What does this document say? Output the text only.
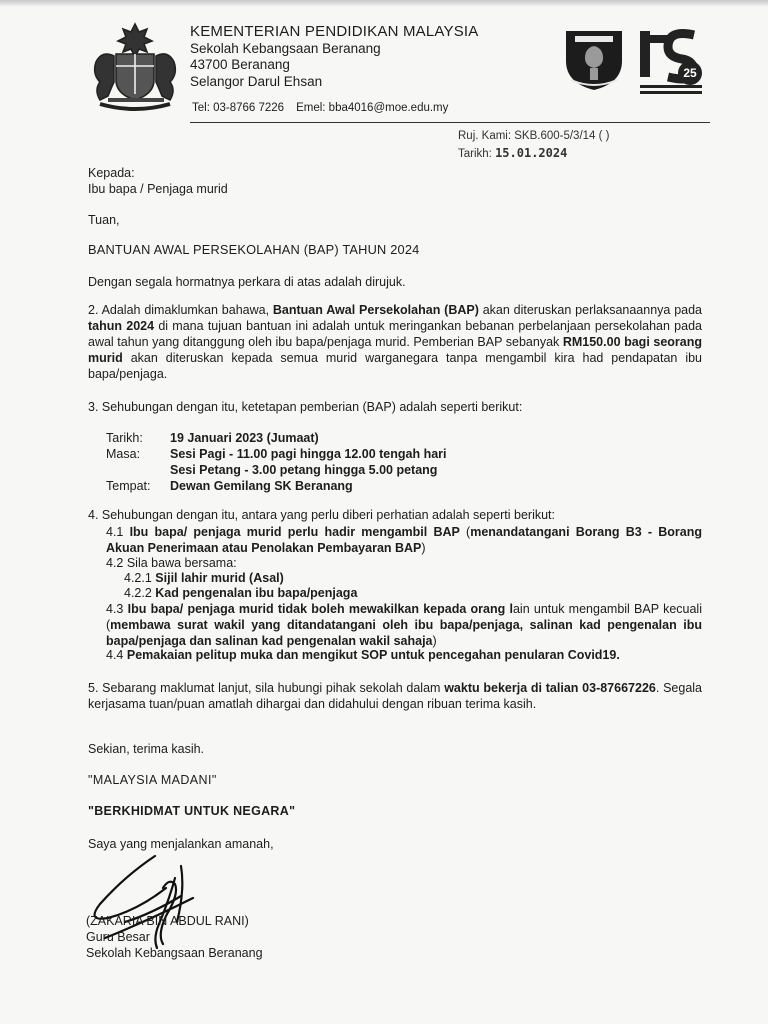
KEMENTERIAN PENDIDIKAN MALAYSIA
Sekolah Kebangsaan Beranang
43700 Beranang
Selangor Darul Ehsan
Tel: 03-8766 7226 Emel: bba4016@moe.edu.my
25
Ruj. Kami: SKB.600-5/3/14 ( )
Tarikh: 15.01.2024
Kepada:
Ibu bapa / Penjaga murid
Tuan,
BANTUAN AWAL PERSEKOLAHAN (BAP) TAHUN 2024
Dengan segala hormatnya perkara di atas adalah dirujuk.
2. Adalah dimaklumkan bahawa, Bantuan Awal Persekolahan (BAP) akan diteruskan perlaksanaannya pada tahun 2024 di mana tujuan bantuan ini adalah untuk meringankan bebanan perbelanjaan persekolahan pada awal tahun yang ditanggung oleh ibu bapa/penjaga murid. Pemberian BAP sebanyak RM150.00 bagi seorang murid akan diteruskan kepada semua murid warganegara tanpa mengambil kira had pendapatan ibu bapa/penjaga.
3. Sehubungan dengan itu, ketetapan pemberian (BAP) adalah seperti berikut:
Tarikh:	19 Januari 2023 (Jumaat)
Masa:	Sesi Pagi - 11.00 pagi hingga 12.00 tengah hari
Sesi Petang - 3.00 petang hingga 5.00 petang
Tempat:	Dewan Gemilang SK Beranang
4. Sehubungan dengan itu, antara yang perlu diberi perhatian adalah seperti berikut:
4.1 Ibu bapa/ penjaga murid perlu hadir mengambil BAP (menandatangani Borang B3 - Borang Akuan Penerimaan atau Penolakan Pembayaran BAP)
4.2 Sila bawa bersama:
4.2.1 Sijil lahir murid (Asal)
4.2.2 Kad pengenalan ibu bapa/penjaga
4.3 Ibu bapa/ penjaga murid tidak boleh mewakilkan kepada orang lain untuk mengambil BAP kecuali (membawa surat wakil yang ditandatangani oleh ibu bapa/penjaga, salinan kad pengenalan ibu bapa/penjaga dan salinan kad pengenalan wakil sahaja)
4.4 Pemakaian pelitup muka dan mengikut SOP untuk pencegahan penularan Covid19.
5. Sebarang maklumat lanjut, sila hubungi pihak sekolah dalam waktu bekerja di talian 03-87667226. Segala kerjasama tuan/puan amatlah dihargai dan didahului dengan ribuan terima kasih.
Sekian, terima kasih.
"MALAYSIA MADANI"
"BERKHIDMAT UNTUK NEGARA"
Saya yang menjalankan amanah,
(ZAKARIA BIN ABDUL RANI)
Guru Besar
Sekolah Kebangsaan Beranang
